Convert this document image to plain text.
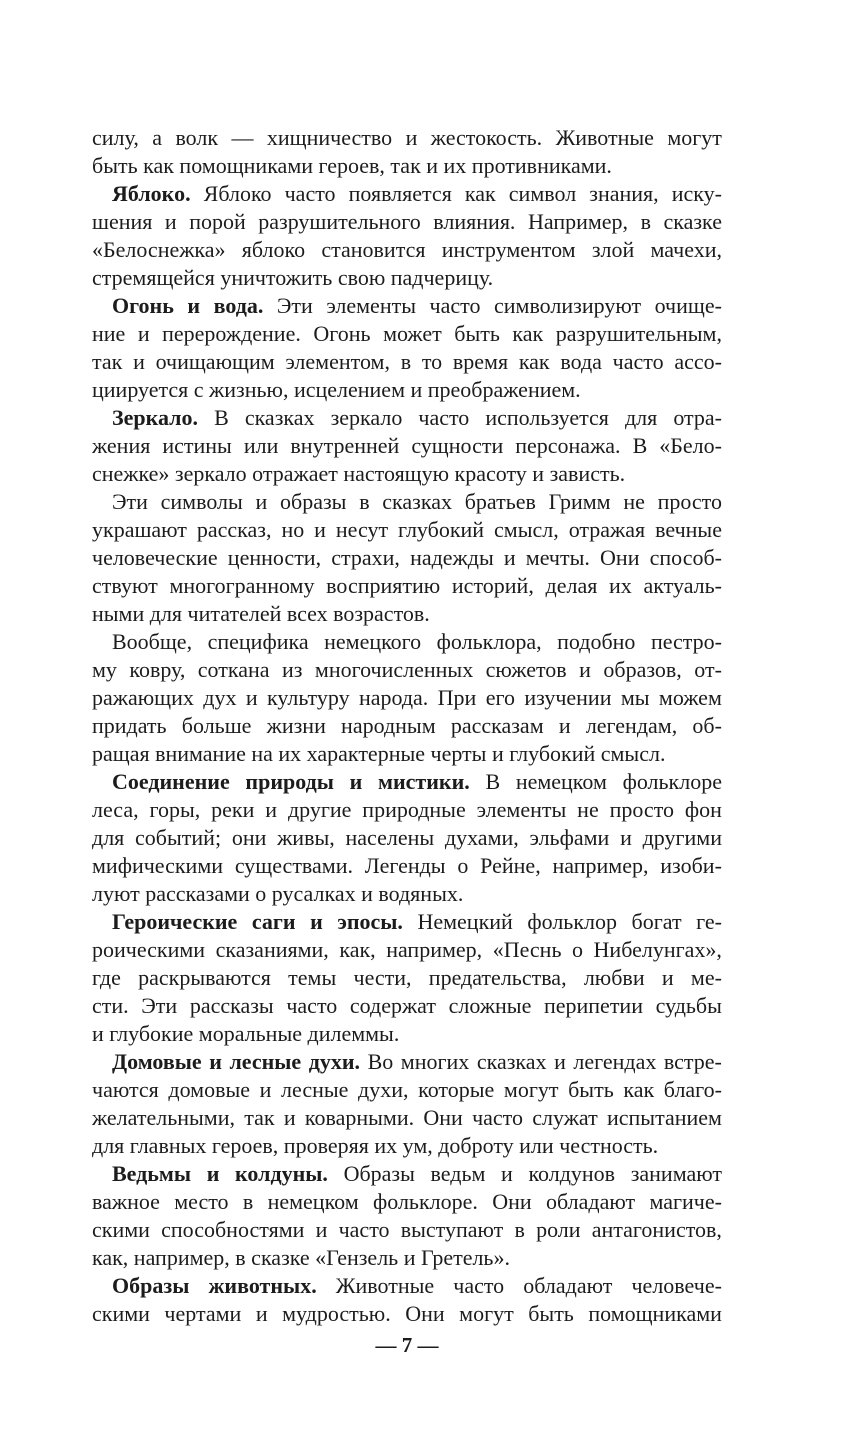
силу, а волк — хищничество и жестокость. Животные могут
быть как помощниками героев, так и их противниками.
Яблоко. Яблоко часто появляется как символ знания, иску-
шения и порой разрушительного влияния. Например, в сказке
«Белоснежка» яблоко становится инструментом злой мачехи,
стремящейся уничтожить свою падчерицу.
Огонь и вода. Эти элементы часто символизируют очище-
ние и перерождение. Огонь может быть как разрушительным,
так и очищающим элементом, в то время как вода часто ассо-
циируется с жизнью, исцелением и преображением.
Зеркало. В сказках зеркало часто используется для отра-
жения истины или внутренней сущности персонажа. В «Бело-
снежке» зеркало отражает настоящую красоту и зависть.
Эти символы и образы в сказках братьев Гримм не просто
украшают рассказ, но и несут глубокий смысл, отражая вечные
человеческие ценности, страхи, надежды и мечты. Они способ-
ствуют многогранному восприятию историй, делая их актуаль-
ными для читателей всех возрастов.
Вообще, специфика немецкого фольклора, подобно пестро-
му ковру, соткана из многочисленных сюжетов и образов, от-
ражающих дух и культуру народа. При его изучении мы можем
придать больше жизни народным рассказам и легендам, об-
ращая внимание на их характерные черты и глубокий смысл.
Соединение природы и мистики. В немецком фольклоре
леса, горы, реки и другие природные элементы не просто фон
для событий; они живы, населены духами, эльфами и другими
мифическими существами. Легенды о Рейне, например, изоби-
луют рассказами о русалках и водяных.
Героические саги и эпосы. Немецкий фольклор богат ге-
роическими сказаниями, как, например, «Песнь о Нибелунгах»,
где раскрываются темы чести, предательства, любви и ме-
сти. Эти рассказы часто содержат сложные перипетии судьбы
и глубокие моральные дилеммы.
Домовые и лесные духи. Во многих сказках и легендах встре-
чаются домовые и лесные духи, которые могут быть как благо-
желательными, так и коварными. Они часто служат испытанием
для главных героев, проверяя их ум, доброту или честность.
Ведьмы и колдуны. Образы ведьм и колдунов занимают
важное место в немецком фольклоре. Они обладают магиче-
скими способностями и часто выступают в роли антагонистов,
как, например, в сказке «Гензель и Гретель».
Образы животных. Животные часто обладают человече-
скими чертами и мудростью. Они могут быть помощниками
— 7 —
